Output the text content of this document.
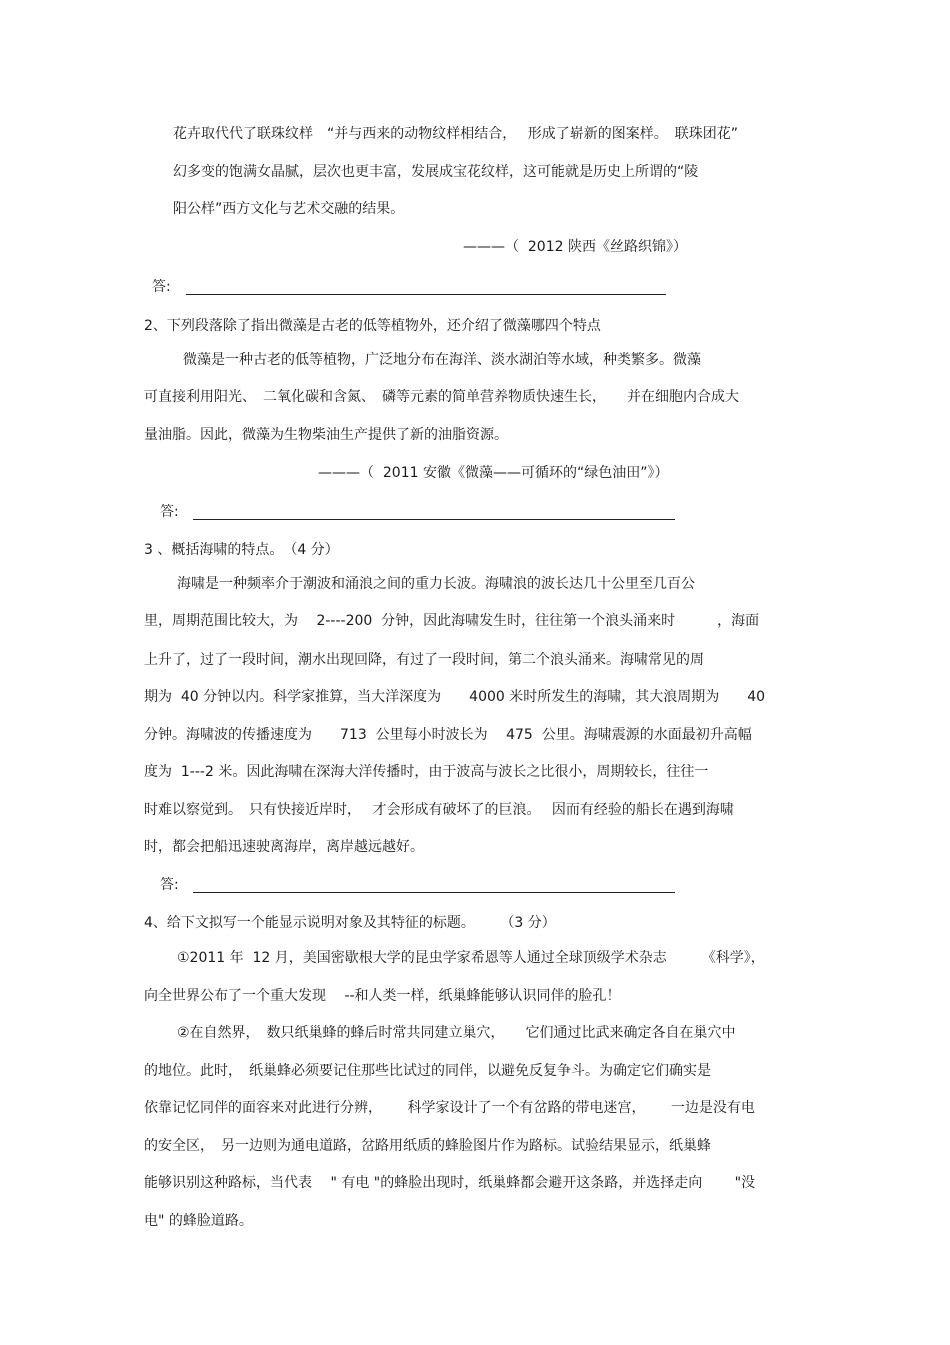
花卉取代代了联珠纹样　“并与西来的动物纹样相结合，　 形成了崭新的图案样。　联珠团花”
幻多变的饱满女晶腻，层次也更丰富，发展成宝花纹样，这可能就是历史上所谓的“陵
阳公样”西方文化与艺术交融的结果。
———（  2012 陕西《丝路织锦》）
答:
2、下列段落除了指出微藻是古老的低等植物外，还介绍了微藻哪四个特点
微藻是一种古老的低等植物，广泛地分布在海洋、淡水湖泊等水域，种类繁多。微藻
可直接利用阳光、　二氧化碳和含氮、　磷等元素的简单营养物质快速生长，　　并在细胞内合成大
量油脂。因此，微藻为生物柴油生产提供了新的油脂资源。
———（  2011 安徽《微藻——可循环的“绿色油田”》）
答:
3 、概括海啸的特点。　（4 分）
海啸是一种频率介于潮波和涌浪之间的重力长波。海啸浪的波长达几十公里至几百公
里，周期范围比较大，为　 2----200  分钟，因此海啸发生时，往往第一个浪头涌来时　　　，海面
上升了，过了一段时间，潮水出现回降，有过了一段时间，第二个浪头涌来。海啸常见的周
期为  40 分钟以内。科学家推算，当大洋深度为　　4000 米时所发生的海啸，其大浪周期为　　40
分钟。海啸波的传播速度为　　713  公里每小时波长为　 475  公里。海啸震源的水面最初升高幅
度为  1---2 米。因此海啸在深海大洋传播时，由于波高与波长之比很小，周期较长，往往一
时难以察觉到。　只有快接近岸时，　 才会形成有破坏了的巨浪。　 因而有经验的船长在遇到海啸
时，都会把船迅速驶离海岸，离岸越远越好。
答:
4、给下文拟写一个能显示说明对象及其特征的标题。　　 （3 分）
①2011 年  12 月，美国密歇根大学的昆虫学家希恩等人通过全球顶级学术杂志　　　《科学》，
向全世界公布了一个重大发现　 --和人类一样，纸巢蜂能够认识同伴的脸孔！
②在自然界，　数只纸巢蜂的蜂后时常共同建立巢穴，　　它们通过比武来确定各自在巢穴中
的地位。此时，　纸巢蜂必须要记住那些比试过的同伴，以避免反复争斗。为确定它们确实是
依靠记忆同伴的面容来对此进行分辨，　　 科学家设计了一个有岔路的带电迷宫，　　 一边是没有电
的安全区，　另一边则为通电道路，岔路用纸质的蜂脸图片作为路标。试验结果显示，纸巢蜂
能够识别这种路标，当代表　 " 有电 "的蜂脸出现时，纸巢蜂都会避开这条路，并选择走向　　 "没
电" 的蜂脸道路。
